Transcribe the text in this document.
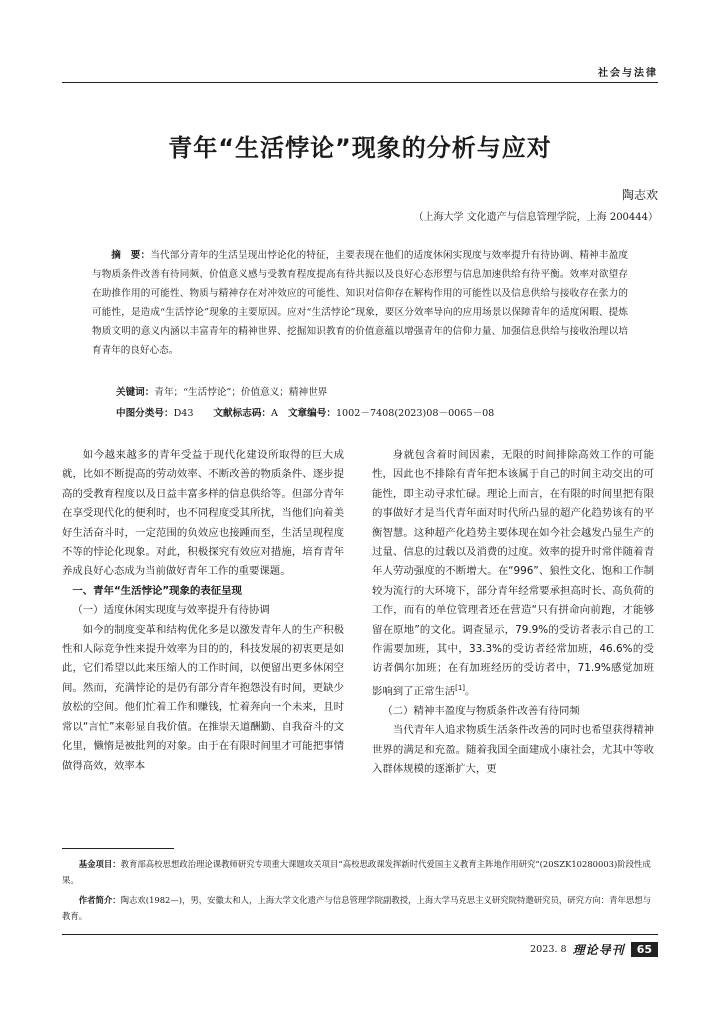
社会与法律
青年“生活悖论”现象的分析与应对
陶志欢
（上海大学 文化遗产与信息管理学院，上海 200444）

摘　要：当代部分青年的生活呈现出悖论化的特征，主要表现在他们的适度休闲实现度与效率提升有待协调、精神丰盈度与物质条件改善有待同频、价值意义感与受教育程度提高有待共振以及良好心态形塑与信息加速供给有待平衡。效率对欲望存在助推作用的可能性、物质与精神存在对冲效应的可能性、知识对信仰存在解构作用的可能性以及信息供给与接收存在张力的可能性，是造成“生活悖论”现象的主要原因。应对“生活悖论”现象，要区分效率导向的应用场景以保障青年的适度闲暇、提炼物质文明的意义内涵以丰富青年的精神世界、挖掘知识教育的价值意蕴以增强青年的信仰力量、加强信息供给与接收治理以培育青年的良好心态。

关键词：青年；“生活悖论”；价值意义；精神世界
中图分类号：D43 文献标志码：A 文章编号：1002－7408(2023)08－0065－08

如今越来越多的青年受益于现代化建设所取得的巨大成就，比如不断提高的劳动效率、不断改善的物质条件、逐步提高的受教育程度以及日益丰富多样的信息供给等。但部分青年在享受现代化的便利时，也不同程度受其所扰，当他们向着美好生活奋斗时，一定范围的负效应也接踵而至，生活呈现程度不等的悖论化现象。对此，积极探究有效应对措施，培育青年养成良好心态成为当前做好青年工作的重要课题。

一、青年“生活悖论”现象的表征呈现
（一）适度休闲实现度与效率提升有待协调

如今的制度变革和结构优化多是以激发青年人的生产积极性和人际竞争性来提升效率为目的的，科技发展的初衷更是如此，它们希望以此来压缩人的工作时间，以便留出更多休闲空间。然而，充满悖论的是仍有部分青年抱怨没有时间，更缺少放松的空间。他们忙着工作和赚钱，忙着奔向一个未来，且时常以“言忙”来彰显自我价值。在推崇天道酬勤、自我奋斗的文化里，懒惰是被批判的对象。由于在有限时间里才可能把事情做得高效，效率本

身就包含着时间因素，无限的时间排除高效工作的可能性，因此也不排除有青年把本该属于自己的时间主动交出的可能性，即主动寻求忙碌。理论上而言，在有限的时间里把有限的事做好才是当代青年面对时代所凸显的超产化趋势该有的平衡智慧。这种超产化趋势主要体现在如今社会越发凸显生产的过量、信息的过载以及消费的过度。效率的提升时常伴随着青年人劳动强度的不断增大。在“996”、狼性文化、饱和工作制较为流行的大环境下，部分青年经常要承担高时长、高负荷的工作，而有的单位管理者还在营造“只有拼命向前跑，才能够留在原地”的文化。调查显示，79.9%的受访者表示自己的工作需要加班，其中，33.3%的受访者经常加班，46.6%的受访者偶尔加班；在有加班经历的受访者中，71.9%感觉加班影响到了正常生活[1]。

（二）精神丰盈度与物质条件改善有待同频

当代青年人追求物质生活条件改善的同时也希望获得精神世界的满足和充盈。随着我国全面建成小康社会，尤其中等收入群体规模的逐渐扩大，更

基金项目：教育部高校思想政治理论课教师研究专项重大课题攻关项目“高校思政课发挥新时代爱国主义教育主阵地作用研究”(20SZK10280003)阶段性成果。

作者简介：陶志欢(1982—)，男，安徽太和人，上海大学文化遗产与信息管理学院副教授，上海大学马克思主义研究院特邀研究员，研究方向：青年思想与教育。

2023. 8 理论导刊	65
